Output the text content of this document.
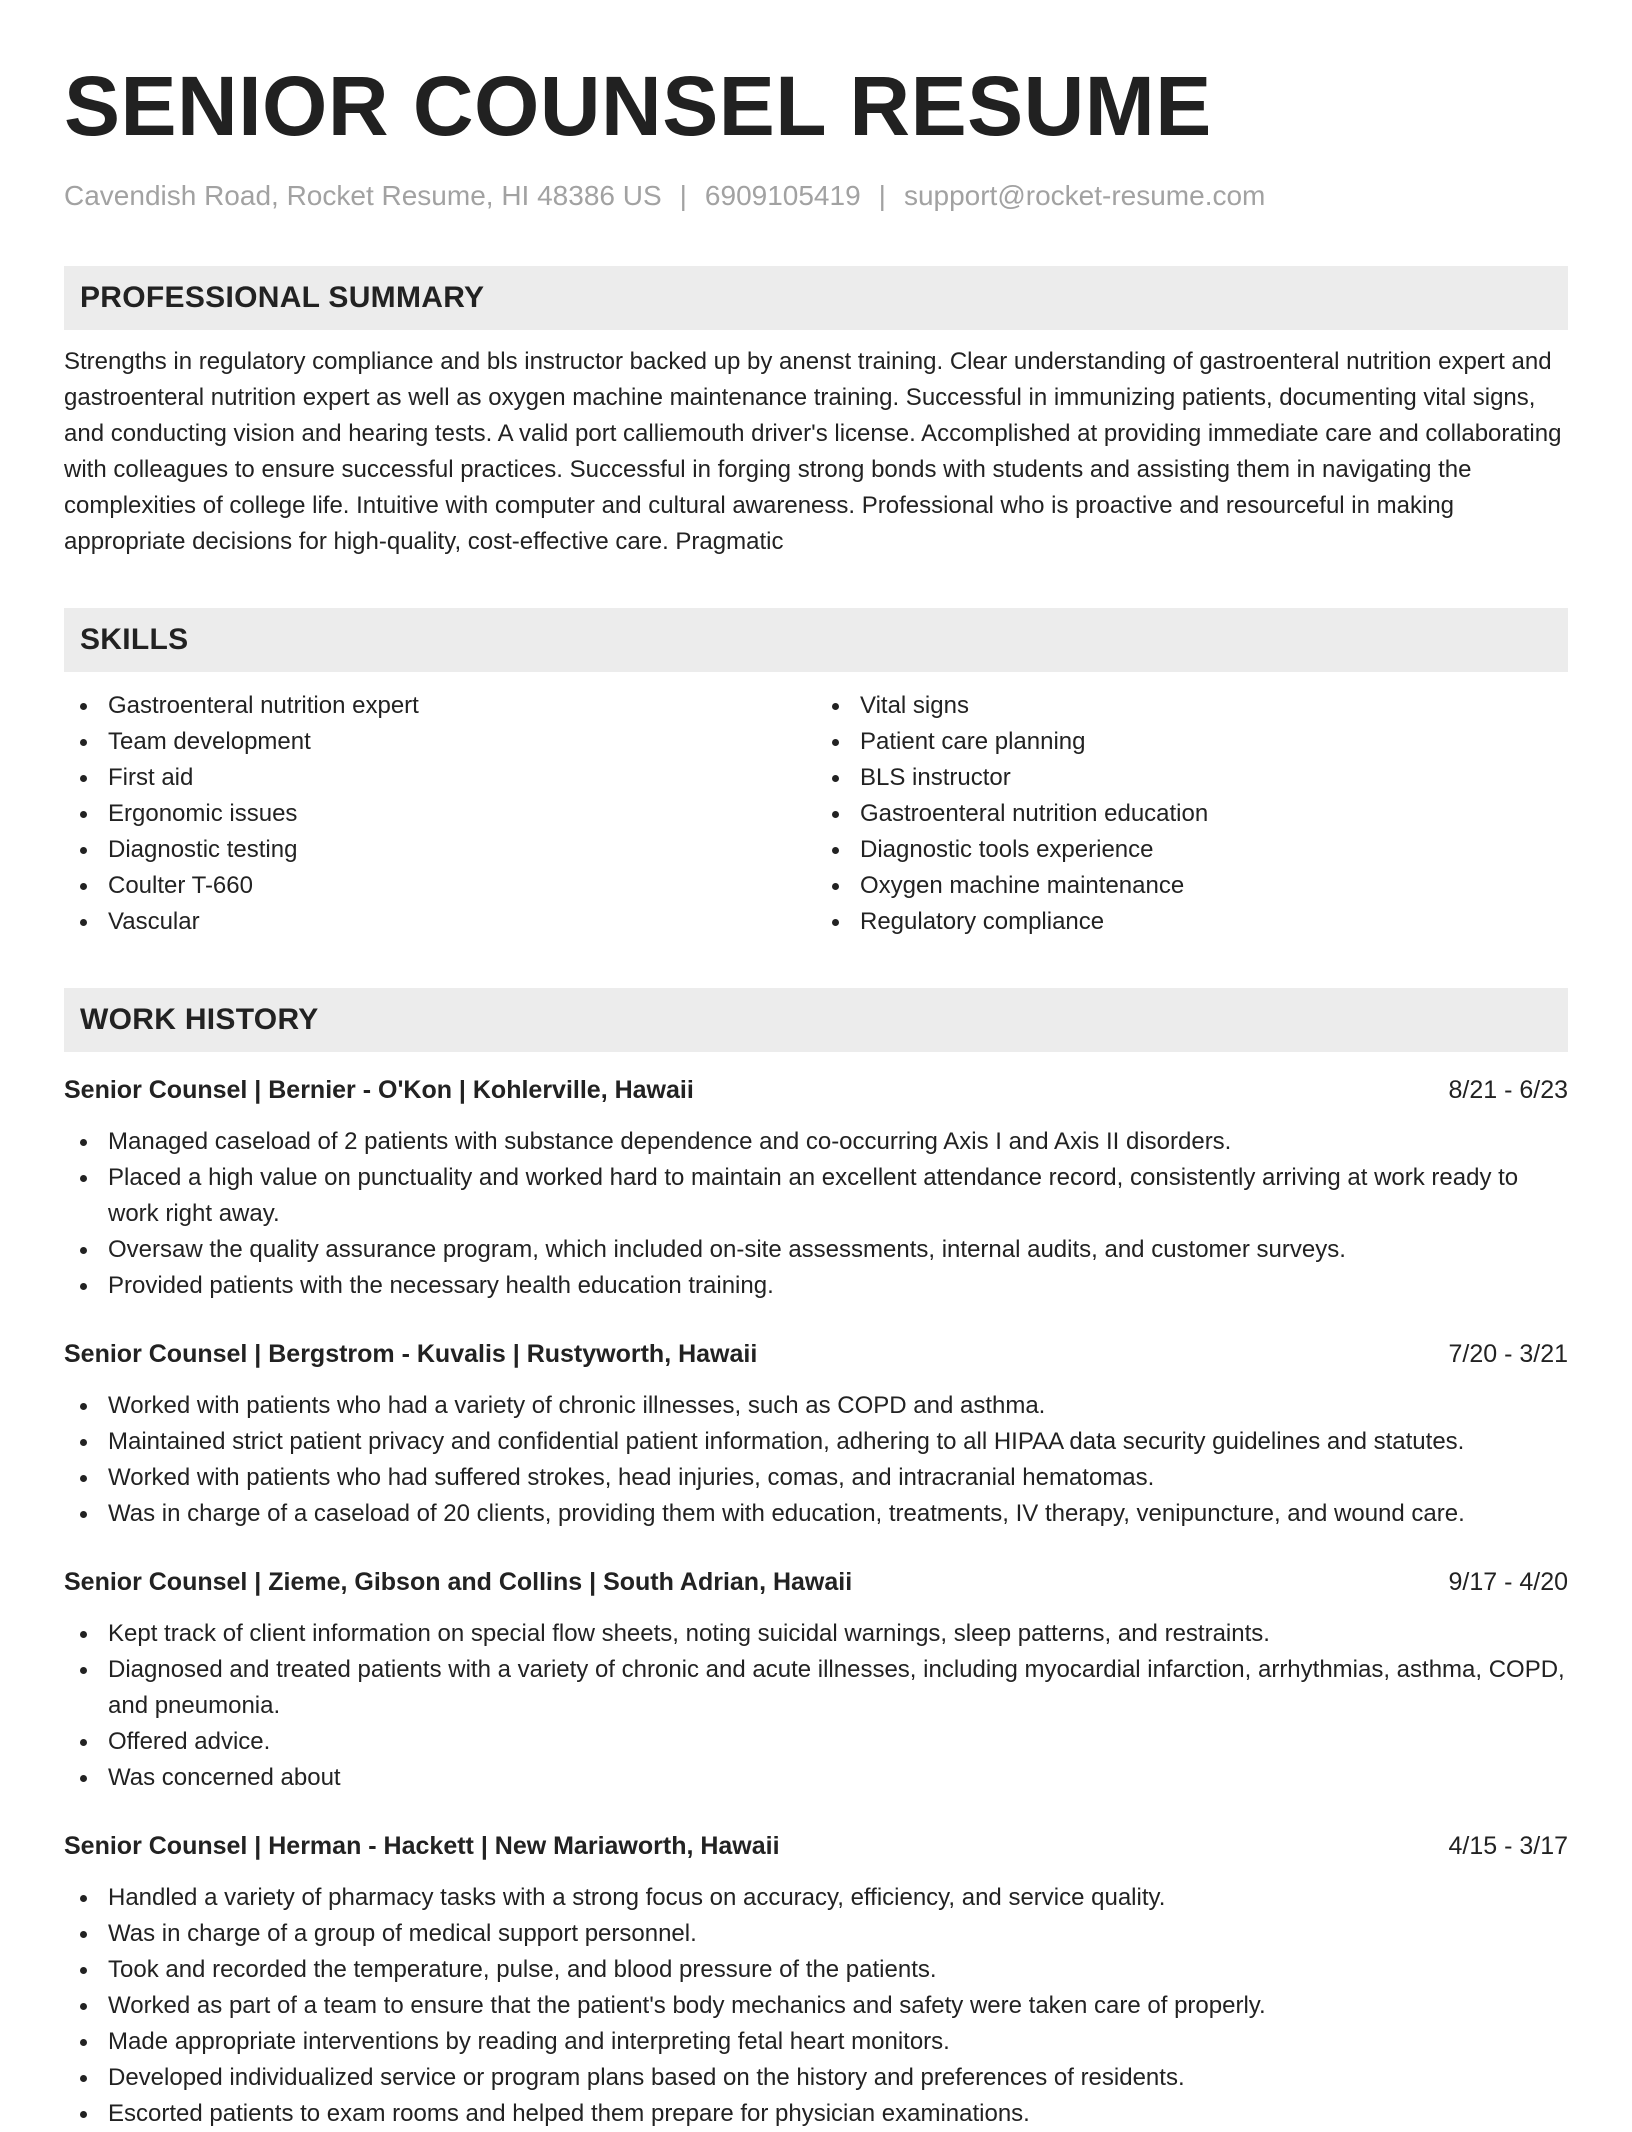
SENIOR COUNSEL RESUME
Cavendish Road, Rocket Resume, HI 48386 US | 6909105419 | support@rocket-resume.com
PROFESSIONAL SUMMARY

Strengths in regulatory compliance and bls instructor backed up by anenst training. Clear understanding of gastroenteral nutrition expert and gastroenteral nutrition expert as well as oxygen machine maintenance training. Successful in immunizing patients, documenting vital signs, and conducting vision and hearing tests. A valid port calliemouth driver's license. Accomplished at providing immediate care and collaborating with colleagues to ensure successful practices. Successful in forging strong bonds with students and assisting them in navigating the complexities of college life. Intuitive with computer and cultural awareness. Professional who is proactive and resourceful in making appropriate decisions for high-quality, cost-effective care. Pragmatic

SKILLS
Gastroenteral nutrition expert
Team development
First aid
Ergonomic issues
Diagnostic testing
Coulter T-660
Vascular
Vital signs
Patient care planning
BLS instructor
Gastroenteral nutrition education
Diagnostic tools experience
Oxygen machine maintenance
Regulatory compliance
WORK HISTORY
Senior Counsel | Bernier - O'Kon | Kohlerville, Hawaii	8/21 - 6/23
Managed caseload of 2 patients with substance dependence and co-occurring Axis I and Axis II disorders.
Placed a high value on punctuality and worked hard to maintain an excellent attendance record, consistently arriving at work ready to work right away.
Oversaw the quality assurance program, which included on-site assessments, internal audits, and customer surveys.
Provided patients with the necessary health education training.
Senior Counsel | Bergstrom - Kuvalis | Rustyworth, Hawaii	7/20 - 3/21
Worked with patients who had a variety of chronic illnesses, such as COPD and asthma.
Maintained strict patient privacy and confidential patient information, adhering to all HIPAA data security guidelines and statutes.
Worked with patients who had suffered strokes, head injuries, comas, and intracranial hematomas.
Was in charge of a caseload of 20 clients, providing them with education, treatments, IV therapy, venipuncture, and wound care.
Senior Counsel | Zieme, Gibson and Collins | South Adrian, Hawaii	9/17 - 4/20
Kept track of client information on special flow sheets, noting suicidal warnings, sleep patterns, and restraints.
Diagnosed and treated patients with a variety of chronic and acute illnesses, including myocardial infarction, arrhythmias, asthma, COPD, and pneumonia.
Offered advice.
Was concerned about
Senior Counsel | Herman - Hackett | New Mariaworth, Hawaii	4/15 - 3/17
Handled a variety of pharmacy tasks with a strong focus on accuracy, efficiency, and service quality.
Was in charge of a group of medical support personnel.
Took and recorded the temperature, pulse, and blood pressure of the patients.
Worked as part of a team to ensure that the patient's body mechanics and safety were taken care of properly.
Made appropriate interventions by reading and interpreting fetal heart monitors.
Developed individualized service or program plans based on the history and preferences of residents.
Escorted patients to exam rooms and helped them prepare for physician examinations.
